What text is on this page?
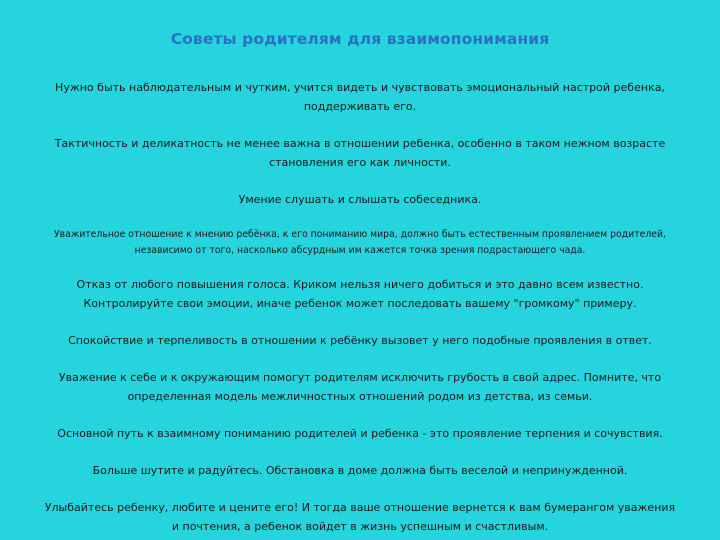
Советы родителям для взаимопонимания

Нужно быть наблюдательным и чутким, учится видеть и чувствовать эмоциональный настрой ребенка, поддерживать его.

Тактичность и деликатность не менее важна в отношении ребенка, особенно в таком нежном возрасте становления его как личности.

Умение слушать и слышать собеседника.

Уважительное отношение к мнению ребёнка, к его пониманию мира, должно быть естественным проявлением родителей, независимо от того, насколько абсурдным им кажется точка зрения подрастающего чада.

Отказ от любого повышения голоса. Криком нельзя ничего добиться и это давно всем известно. Контролируйте свои эмоции, иначе ребенок может последовать вашему "громкому" примеру.

Спокойствие и терпеливость в отношении к ребёнку вызовет у него подобные проявления в ответ.

Уважение к себе и к окружающим помогут родителям исключить грубость в свой адрес. Помните, что определенная модель межличностных отношений родом из детства, из семьи.

Основной путь к взаимному пониманию родителей и ребенка - это проявление терпения и сочувствия.

Больше шутите и радуйтесь. Обстановка в доме должна быть веселой и непринужденной.

Улыбайтесь ребенку, любите и цените его! И тогда ваше отношение вернется к вам бумерангом уважения и почтения, а ребенок войдет в жизнь успешным и счастливым.
